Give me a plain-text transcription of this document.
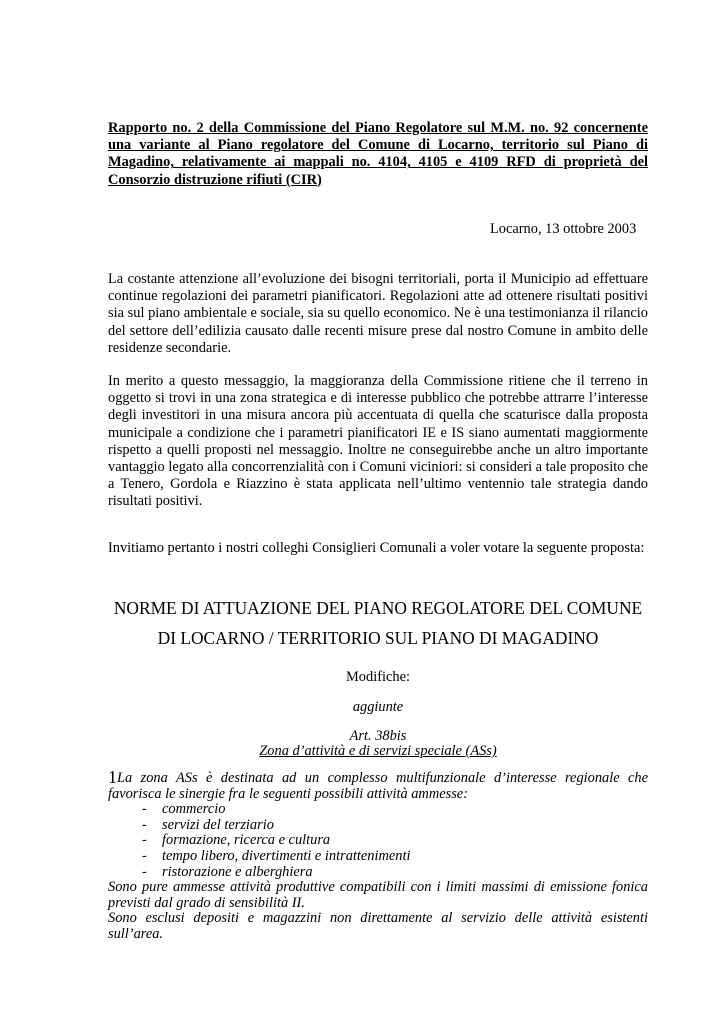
Rapporto no. 2 della Commissione del Piano Regolatore sul M.M. no. 92 concernente una variante al Piano regolatore del Comune di Locarno, territorio sul Piano di Magadino, relativamente ai mappali no. 4104, 4105 e 4109 RFD di proprietà del Consorzio distruzione rifiuti (CIR)

Locarno, 13 ottobre 2003

La costante attenzione all’evoluzione dei bisogni territoriali, porta il Municipio ad effettuare continue regolazioni dei parametri pianificatori. Regolazioni atte ad ottenere risultati positivi sia sul piano ambientale e sociale, sia su quello economico. Ne è una testimonianza il rilancio del settore dell’edilizia causato dalle recenti misure prese dal nostro Comune in ambito delle residenze secondarie.

In merito a questo messaggio, la maggioranza della Commissione ritiene che il terreno in oggetto si trovi in una zona strategica e di interesse pubblico che potrebbe attrarre l’interesse degli investitori in una misura ancora più accentuata di quella che scaturisce dalla proposta municipale a condizione che i parametri pianificatori IE e IS siano aumentati maggiormente rispetto a quelli proposti nel messaggio. Inoltre ne conseguirebbe anche un altro importante vantaggio legato alla concorrenzialità con i Comuni viciniori: si consideri a tale proposito che a Tenero, Gordola e Riazzino è stata applicata nell’ultimo ventennio tale strategia dando risultati positivi.

Invitiamo pertanto i nostri colleghi Consiglieri Comunali a voler votare la seguente proposta:

NORME DI ATTUAZIONE DEL PIANO REGOLATORE DEL COMUNE

DI LOCARNO / TERRITORIO SUL PIANO DI MAGADINO

Modifiche:

aggiunte

Art. 38bis

Zona d’attività e di servizi speciale (ASs)

1La zona ASs è destinata ad un complesso multifunzionale d’interesse regionale che favorisca le sinergie fra le seguenti possibili attività ammesse:
- commercio
- servizi del terziario
- formazione, ricerca e cultura
- tempo libero, divertimenti e intrattenimenti
- ristorazione e alberghiera
Sono pure ammesse attività produttive compatibili con i limiti massimi di emissione fonica previsti dal grado di sensibilità II.
Sono esclusi depositi e magazzini non direttamente al servizio delle attività esistenti sull’area.
